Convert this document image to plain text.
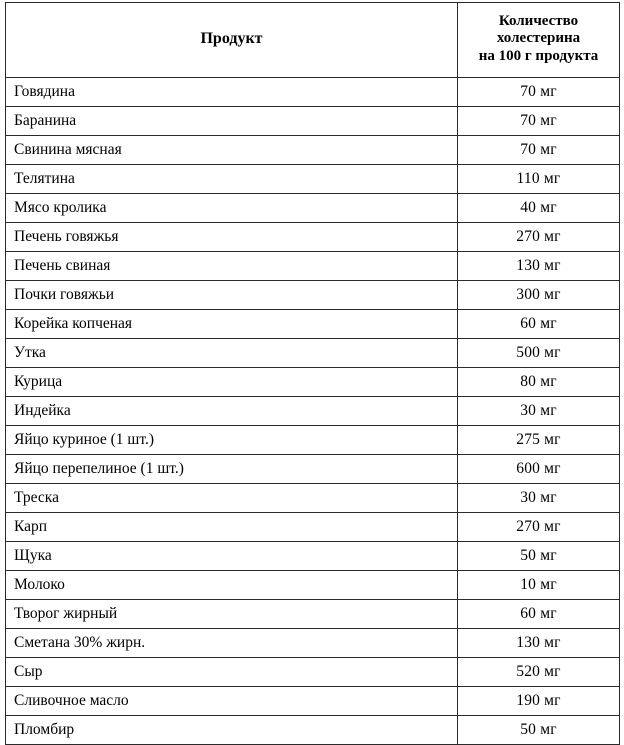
Продукт	Количество
холестерина
на 100 г продукта

Говядина	70 мг
Баранина	70 мг
Свинина мясная	70 мг
Телятина	110 мг
Мясо кролика	40 мг
Печень говяжья	270 мг
Печень свиная	130 мг
Почки говяжьи	300 мг
Корейка копченая	60 мг
Утка	500 мг
Курица	80 мг
Индейка	30 мг
Яйцо куриное (1 шт.)	275 мг
Яйцо перепелиное (1 шт.)	600 мг
Треска	30 мг
Карп	270 мг
Щука	50 мг
Молоко	10 мг
Творог жирный	60 мг
Сметана 30% жирн.	130 мг
Сыр	520 мг
Сливочное масло	190 мг
Пломбир	50 мг
